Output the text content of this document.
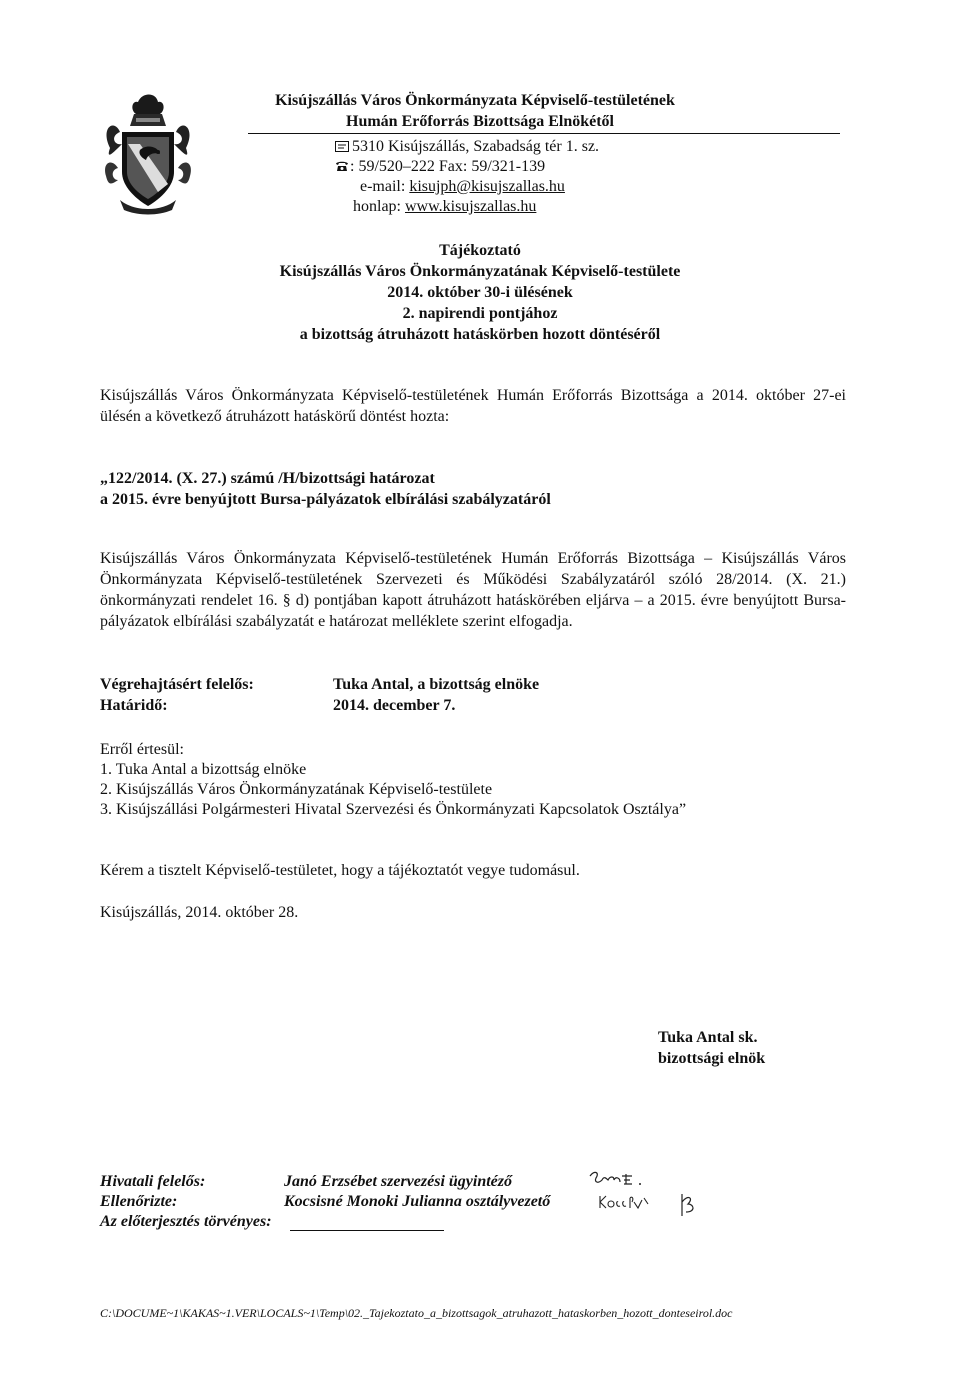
Kisújszállás Város Önkormányzata Képviselő-testületének
Humán Erőforrás Bizottsága Elnökétől
5310 Kisújszállás, Szabadság tér 1. sz.
: 59/520–222 Fax: 59/321-139
e-mail: kisujph@kisujszallas.hu
honlap: www.kisujszallas.hu
Tájékoztató
Kisújszállás Város Önkormányzatának Képviselő-testülete
2014. október 30-i ülésének
2. napirendi pontjához
a bizottság átruházott hatáskörben hozott döntéséről
Kisújszállás Város Önkormányzata Képviselő-testületének Humán Erőforrás Bizottsága a 2014. október 27-ei ülésén a következő átruházott hatáskörű döntést hozta:
„122/2014. (X. 27.) számú /H/bizottsági határozat
a 2015. évre benyújtott Bursa-pályázatok elbírálási szabályzatáról
Kisújszállás Város Önkormányzata Képviselő-testületének Humán Erőforrás Bizottsága – Kisújszállás Város Önkormányzata Képviselő-testületének Szervezeti és Működési Szabályzatáról szóló 28/2014. (X. 21.) önkormányzati rendelet 16. § d) pontjában kapott átruházott hatáskörében eljárva – a 2015. évre benyújtott Bursa-pályázatok elbírálási szabályzatát e határozat melléklete szerint elfogadja.
Végrehajtásért felelős:	Tuka Antal, a bizottság elnöke
Határidő:	2014. december 7.
Erről értesül:
1. Tuka Antal a bizottság elnöke
2. Kisújszállás Város Önkormányzatának Képviselő-testülete
3. Kisújszállási Polgármesteri Hivatal Szervezési és Önkormányzati Kapcsolatok Osztálya”
Kérem a tisztelt Képviselő-testületet, hogy a tájékoztatót vegye tudomásul.
Kisújszállás, 2014. október 28.
Tuka Antal sk.
bizottsági elnök
Hivatali felelős:	Janó Erzsébet szervezési ügyintéző
Ellenőrizte:	Kocsisné Monoki Julianna osztályvezető
Az előterjesztés törvényes:
C:\DOCUME~1\KAKAS~1.VER\LOCALS~1\Temp\02._Tajekoztato_a_bizottsagok_atruhazott_hataskorben_hozott_donteseirol.doc
